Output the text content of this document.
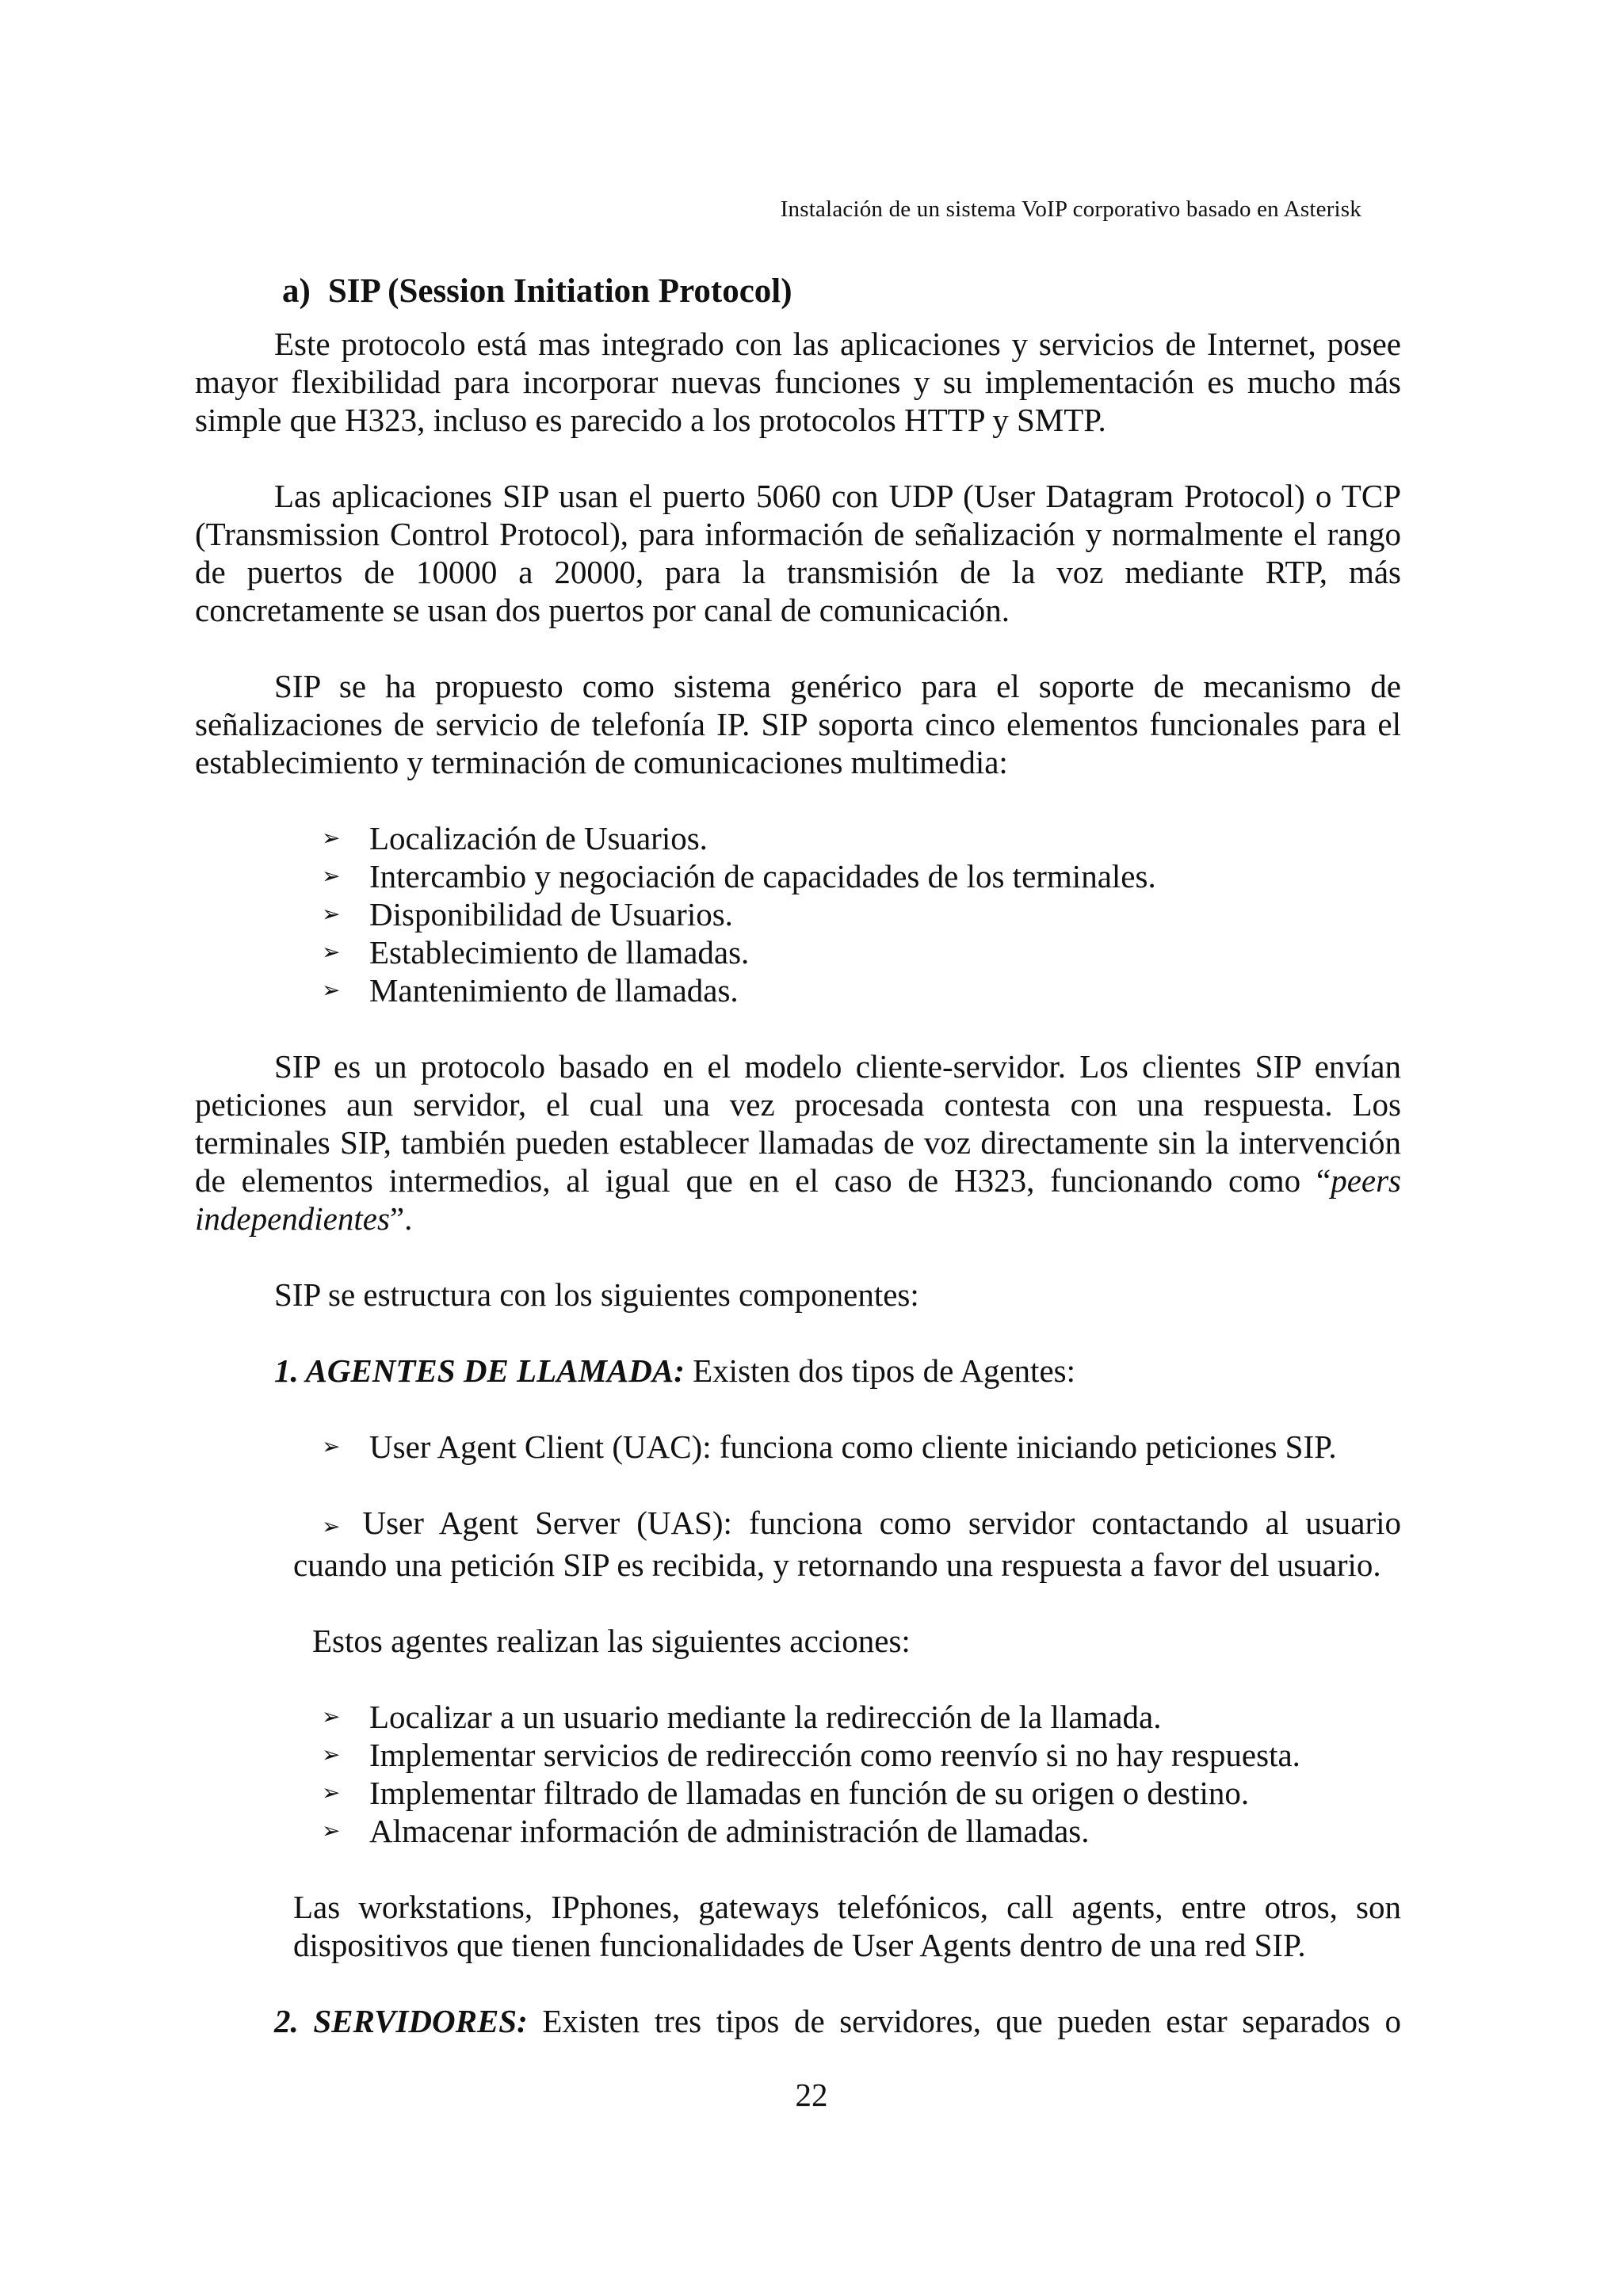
Instalación de un sistema VoIP corporativo basado en Asterisk
a) SIP (Session Initiation Protocol)

Este protocolo está mas integrado con las aplicaciones y servicios de Internet, posee mayor flexibilidad para incorporar nuevas funciones y su implementación es mucho más simple que H323, incluso es parecido a los protocolos HTTP y SMTP.

Las aplicaciones SIP usan el puerto 5060 con UDP (User Datagram Protocol) o TCP (Transmission Control Protocol), para información de señalización y normalmente el rango de puertos de 10000 a 20000, para la transmisión de la voz mediante RTP, más concretamente se usan dos puertos por canal de comunicación.

SIP se ha propuesto como sistema genérico para el soporte de mecanismo de señalizaciones de servicio de telefonía IP. SIP soporta cinco elementos funcionales para el establecimiento y terminación de comunicaciones multimedia:

➢ Localización de Usuarios.
➢ Intercambio y negociación de capacidades de los terminales.
➢ Disponibilidad de Usuarios.
➢ Establecimiento de llamadas.
➢ Mantenimiento de llamadas.

SIP es un protocolo basado en el modelo cliente-servidor. Los clientes SIP envían peticiones aun servidor, el cual una vez procesada contesta con una respuesta. Los terminales SIP, también pueden establecer llamadas de voz directamente sin la intervención de elementos intermedios, al igual que en el caso de H323, funcionando como “peers independientes”.

SIP se estructura con los siguientes componentes:

1. AGENTES DE LLAMADA: Existen dos tipos de Agentes:
➢ User Agent Client (UAC): funciona como cliente iniciando peticiones SIP.
➢ User Agent Server (UAS): funciona como servidor contactando al usuario cuando una petición SIP es recibida, y retornando una respuesta a favor del usuario.
Estos agentes realizan las siguientes acciones:
➢ Localizar a un usuario mediante la redirección de la llamada.
➢ Implementar servicios de redirección como reenvío si no hay respuesta.
➢ Implementar filtrado de llamadas en función de su origen o destino.
➢ Almacenar información de administración de llamadas.
Las workstations, IPphones, gateways telefónicos, call agents, entre otros, son dispositivos que tienen funcionalidades de User Agents dentro de una red SIP.
2. SERVIDORES: Existen tres tipos de servidores, que pueden estar separados o
22
